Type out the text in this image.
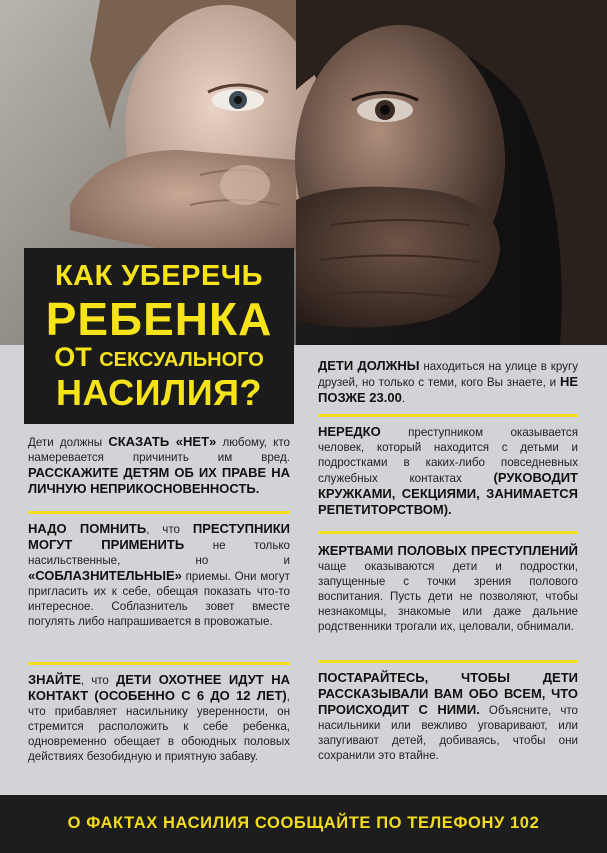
КАК УБЕРЕЧЬ
РЕБЕНКА
ОТ СЕКСУАЛЬНОГО
НАСИЛИЯ?
Дети должны СКАЗАТЬ «НЕТ» любому, кто намеревается причинить им вред. РАССКАЖИТЕ ДЕТЯМ ОБ ИХ ПРАВЕ НА ЛИЧНУЮ НЕПРИКОСНОВЕННОСТЬ.
НАДО ПОМНИТЬ, что ПРЕСТУПНИКИ МОГУТ ПРИМЕНИТЬ не только насильственные, но и «СОБЛАЗНИТЕЛЬНЫЕ» приемы. Они могут пригласить их к себе, обещая показать что-то интересное. Соблазнитель зовет вместе погулять либо напрашивается в провожатые.
ЗНАЙТЕ, что ДЕТИ ОХОТНЕЕ ИДУТ НА КОНТАКТ (ОСОБЕННО С 6 ДО 12 ЛЕТ), что прибавляет насильнику уверенности, он стремится расположить к себе ребенка, одновременно обещает в обоюдных половых действиях безобидную и приятную забаву.
ДЕТИ ДОЛЖНЫ находиться на улице в кругу друзей, но только с теми, кого Вы знаете, и НЕ ПОЗЖЕ 23.00.
НЕРЕДКО преступником оказывается человек, который находится с детьми и подростками в каких-либо повседневных служебных контактах (РУКОВОДИТ КРУЖКАМИ, СЕКЦИЯМИ, ЗАНИМАЕТСЯ РЕПЕТИТОРСТВОМ).
ЖЕРТВАМИ ПОЛОВЫХ ПРЕСТУПЛЕНИЙ чаще оказываются дети и подростки, запущенные с точки зрения полового воспитания. Пусть дети не позволяют, чтобы незнакомцы, знакомые или даже дальние родственники трогали их, целовали, обнимали.
ПОСТАРАЙТЕСЬ, ЧТОБЫ ДЕТИ РАССКАЗЫВАЛИ ВАМ ОБО ВСЕМ, ЧТО ПРОИСХОДИТ С НИМИ. Объясните, что насильники или вежливо уговаривают, или запугивают детей, добиваясь, чтобы они сохранили это втайне.
О ФАКТАХ НАСИЛИЯ СООБЩАЙТЕ ПО ТЕЛЕФОНУ 102
